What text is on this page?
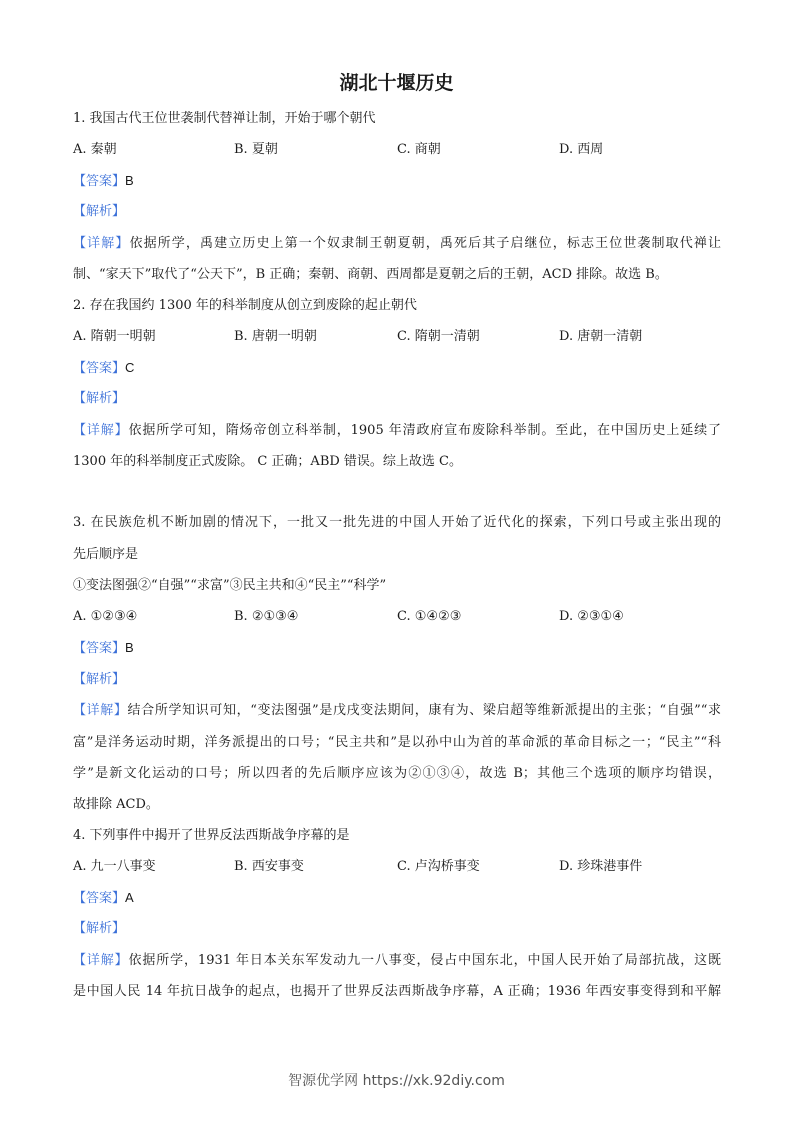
湖北十堰历史
1. 我国古代王位世袭制代替禅让制，开始于哪个朝代
A. 秦朝	B. 夏朝	C. 商朝	D. 西周
【答案】B
【解析】
【详解】依据所学，禹建立历史上第一个奴隶制王朝夏朝，禹死后其子启继位，标志王位世袭制取代禅让
制、“家天下”取代了“公天下”，B 正确；秦朝、商朝、西周都是夏朝之后的王朝，ACD 排除。故选 B。
2. 存在我国约 1300 年的科举制度从创立到废除的起止朝代
A. 隋朝一明朝	B. 唐朝一明朝	C. 隋朝一清朝	D. 唐朝一清朝
【答案】C
【解析】
【详解】依据所学可知，隋炀帝创立科举制，1905 年清政府宣布废除科举制。至此，在中国历史上延续了
1300 年的科举制度正式废除。 C 正确；ABD 错误。综上故选 C。
3. 在民族危机不断加剧的情况下，一批又一批先进的中国人开始了近代化的探索，下列口号或主张出现的
先后顺序是
①变法图强②“自强”“求富”③民主共和④“民主”“科学”
A. ①②③④	B. ②①③④	C. ①④②③	D. ②③①④
【答案】B
【解析】
【详解】结合所学知识可知，“变法图强”是戊戌变法期间，康有为、梁启超等维新派提出的主张；“自强”“求
富”是洋务运动时期，洋务派提出的口号；“民主共和”是以孙中山为首的革命派的革命目标之一；“民主”“科
学”是新文化运动的口号；所以四者的先后顺序应该为②①③④，故选 B；其他三个选项的顺序均错误，
故排除 ACD。
4. 下列事件中揭开了世界反法西斯战争序幕的是
A. 九一八事变	B. 西安事变	C. 卢沟桥事变	D. 珍珠港事件
【答案】A
【解析】
【详解】依据所学，1931 年日本关东军发动九一八事变，侵占中国东北，中国人民开始了局部抗战，这既
是中国人民 14 年抗日战争的起点，也揭开了世界反法西斯战争序幕，A 正确；1936 年西安事变得到和平解
智源优学网 https://xk.92diy.com
